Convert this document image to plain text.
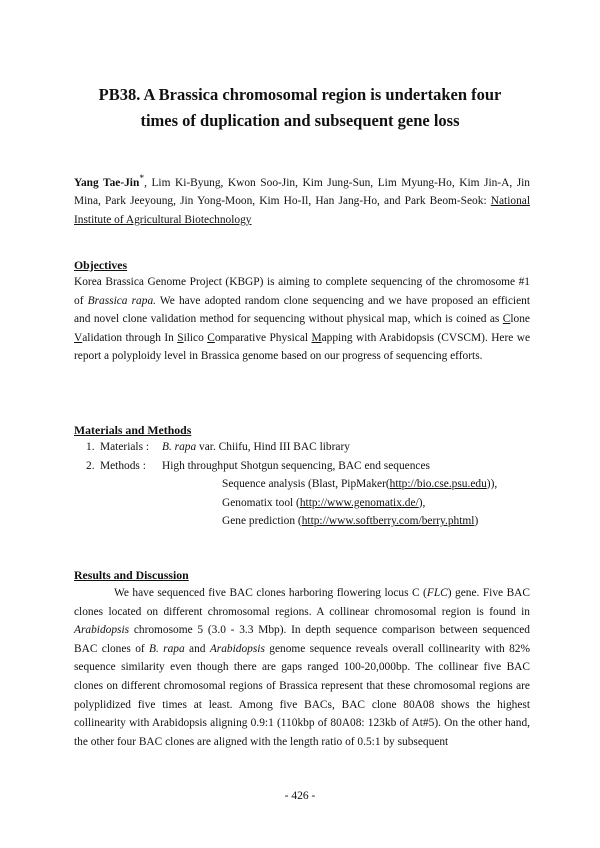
PB38. A Brassica chromosomal region is undertaken four
times of duplication and subsequent gene loss
Yang Tae-Jin*, Lim Ki-Byung, Kwon Soo-Jin, Kim Jung-Sun, Lim Myung-Ho, Kim Jin-A, Jin Mina, Park Jeeyoung, Jin Yong-Moon, Kim Ho-Il, Han Jang-Ho, and Park Beom-Seok: National Institute of Agricultural Biotechnology
Objectives
Korea Brassica Genome Project (KBGP) is aiming to complete sequencing of the chromosome #1 of Brassica rapa. We have adopted random clone sequencing and we have proposed an efficient and novel clone validation method for sequencing without physical map, which is coined as Clone Validation through In Silico Comparative Physical Mapping with Arabidopsis (CVSCM). Here we report a polyploidy level in Brassica genome based on our progress of sequencing efforts.
Materials and Methods
1. Materials :	B. rapa var. Chiifu, Hind III BAC library
2. Methods :	High throughput Shotgun sequencing, BAC end sequences
Sequence analysis (Blast, PipMaker( http://bio.cse.psu.edu )),
Genomatix tool ( http://www.genomatix.de/ ),
Gene prediction ( http://www.softberry.com/berry.phtml )
Results and Discussion

We have sequenced five BAC clones harboring flowering locus C (FLC) gene. Five BAC clones located on different chromosomal regions. A collinear chromosomal region is found in Arabidopsis chromosome 5 (3.0 - 3.3 Mbp). In depth sequence comparison between sequenced BAC clones of B. rapa and Arabidopsis genome sequence reveals overall collinearity with 82% sequence similarity even though there are gaps ranged 100-20,000bp. The collinear five BAC clones on different chromosomal regions of Brassica represent that these chromosomal regions are polyplidized five times at least. Among five BACs, BAC clone 80A08 shows the highest collinearity with Arabidopsis aligning 0.9:1 (110kbp of 80A08: 123kb of At#5). On the other hand, the other four BAC clones are aligned with the length ratio of 0.5:1 by subsequent

- 426 -
